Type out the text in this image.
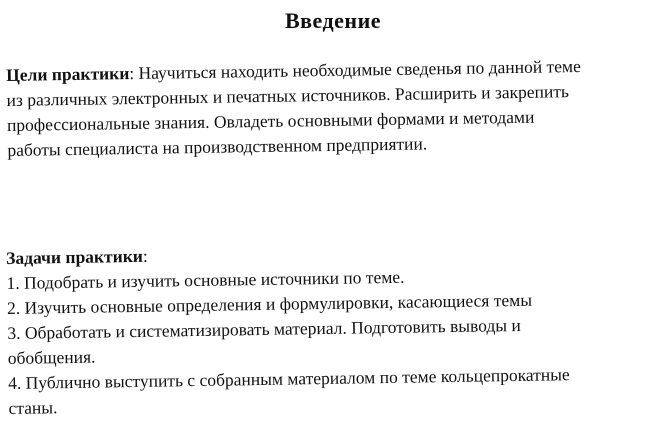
Введение
Цели практики: Научиться находить необходимые сведенья по данной теме
из различных электронных и печатных источников. Расширить и закрепить
профессиональные знания. Овладеть основными формами и методами
работы специалиста на производственном предприятии.
Задачи практики:
1. Подобрать и изучить основные источники по теме.
2. Изучить основные определения и формулировки, касающиеся темы
3. Обработать и систематизировать материал. Подготовить выводы и
обобщения.
4. Публично выступить с собранным материалом по теме кольцепрокатные
станы.
